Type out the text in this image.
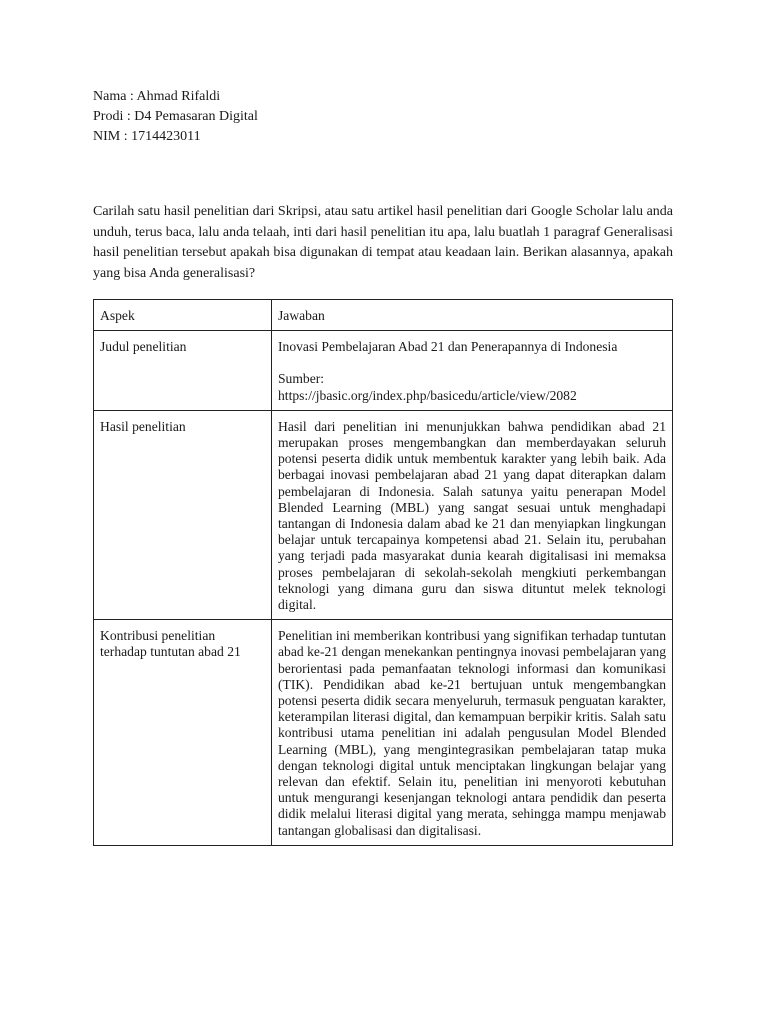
Nama : Ahmad Rifaldi
Prodi : D4 Pemasaran Digital
NIM : 1714423011
Carilah satu hasil penelitian dari Skripsi, atau satu artikel hasil penelitian dari Google Scholar lalu anda unduh, terus baca, lalu anda telaah, inti dari hasil penelitian itu apa, lalu buatlah 1 paragraf Generalisasi hasil penelitian tersebut apakah bisa digunakan di tempat atau keadaan lain. Berikan alasannya, apakah yang bisa Anda generalisasi?
Aspek	Jawaban
Judul penelitian	Inovasi Pembelajaran Abad 21 dan Penerapannya di Indonesia
Sumber:
https://jbasic.org/index.php/basicedu/article/view/2082

Hasil penelitian	Hasil dari penelitian ini menunjukkan bahwa pendidikan abad 21 merupakan proses mengembangkan dan memberdayakan seluruh potensi peserta didik untuk membentuk karakter yang lebih baik. Ada berbagai inovasi pembelajaran abad 21 yang dapat diterapkan dalam pembelajaran di Indonesia. Salah satunya yaitu penerapan Model Blended Learning (MBL) yang sangat sesuai untuk menghadapi tantangan di Indonesia dalam abad ke 21 dan menyiapkan lingkungan belajar untuk tercapainya kompetensi abad 21. Selain itu, perubahan yang terjadi pada masyarakat dunia kearah digitalisasi ini memaksa proses pembelajaran di sekolah-sekolah mengkiuti perkembangan teknologi yang dimana guru dan siswa dituntut melek teknologi digital.
Kontribusi penelitian terhadap tuntutan abad 21	Penelitian ini memberikan kontribusi yang signifikan terhadap tuntutan abad ke-21 dengan menekankan pentingnya inovasi pembelajaran yang berorientasi pada pemanfaatan teknologi informasi dan komunikasi (TIK). Pendidikan abad ke-21 bertujuan untuk mengembangkan potensi peserta didik secara menyeluruh, termasuk penguatan karakter, keterampilan literasi digital, dan kemampuan berpikir kritis. Salah satu kontribusi utama penelitian ini adalah pengusulan Model Blended Learning (MBL), yang mengintegrasikan pembelajaran tatap muka dengan teknologi digital untuk menciptakan lingkungan belajar yang relevan dan efektif. Selain itu, penelitian ini menyoroti kebutuhan untuk mengurangi kesenjangan teknologi antara pendidik dan peserta didik melalui literasi digital yang merata, sehingga mampu menjawab tantangan globalisasi dan digitalisasi.
